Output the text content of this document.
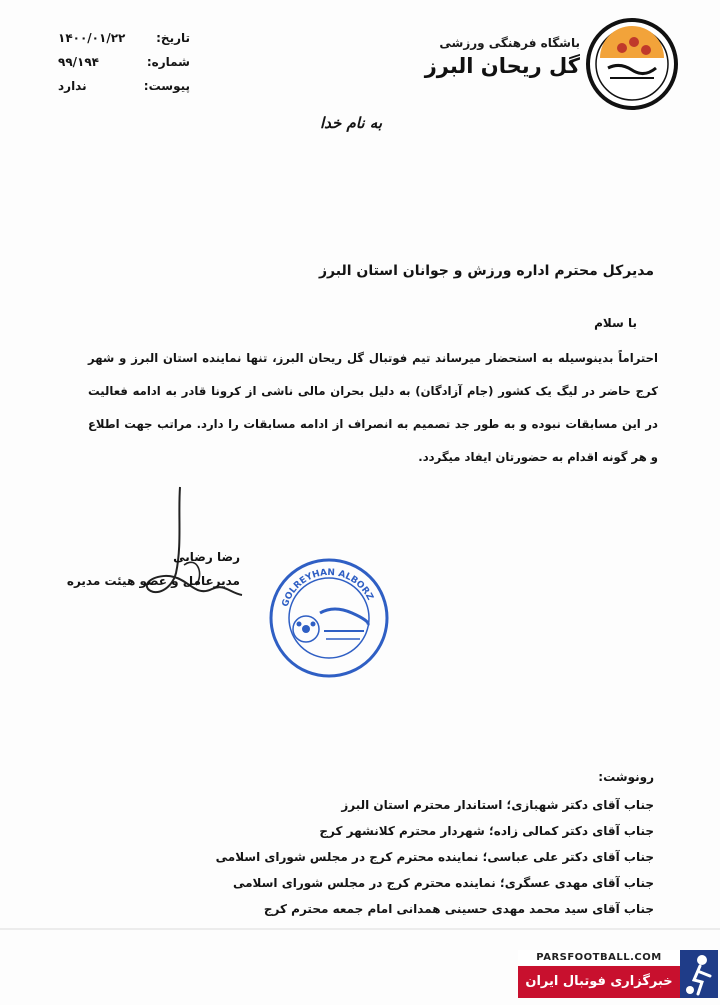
باشگاه فرهنگی ورزشی
گل ریحان البرز
تاریخ:
۱۴۰۰/۰۱/۲۲
شماره:
۹۹/۱۹۴
پیوست:
ندارد
به نام خدا
مدیرکل محترم اداره ورزش و جوانان استان البرز
با سلام
احتراماً بدینوسیله به استحضار میرساند تیم فوتبال گل ریحان البرز، تنها نماینده استان البرز و شهر کرج حاضر در لیگ یک کشور (جام آزادگان) به دلیل بحران مالی ناشی از کرونا قادر به ادامه فعالیت در این مسابقات نبوده و به طور جد تصمیم به انصراف از ادامه مسابقات را دارد. مراتب جهت اطلاع و هر گونه اقدام به حضورتان ایفاد میگردد.
رضا رضایی
مدیرعامل و عضو هیئت مدیره
GOLREYHAN ALBORZ
رونوشت:
جناب آقای دکتر شهبازی؛ استاندار محترم استان البرز
جناب آقای دکتر کمالی زاده؛ شهردار محترم کلانشهر کرج
جناب آقای دکتر علی عباسی؛ نماینده محترم کرج در مجلس شورای اسلامی
جناب آقای مهدی عسگری؛ نماینده محترم کرج در مجلس شورای اسلامی
جناب آقای سید محمد مهدی حسینی همدانی امام جمعه محترم کرج
PARSFOOTBALL.COM
خبرگزاری فوتبال ایران
